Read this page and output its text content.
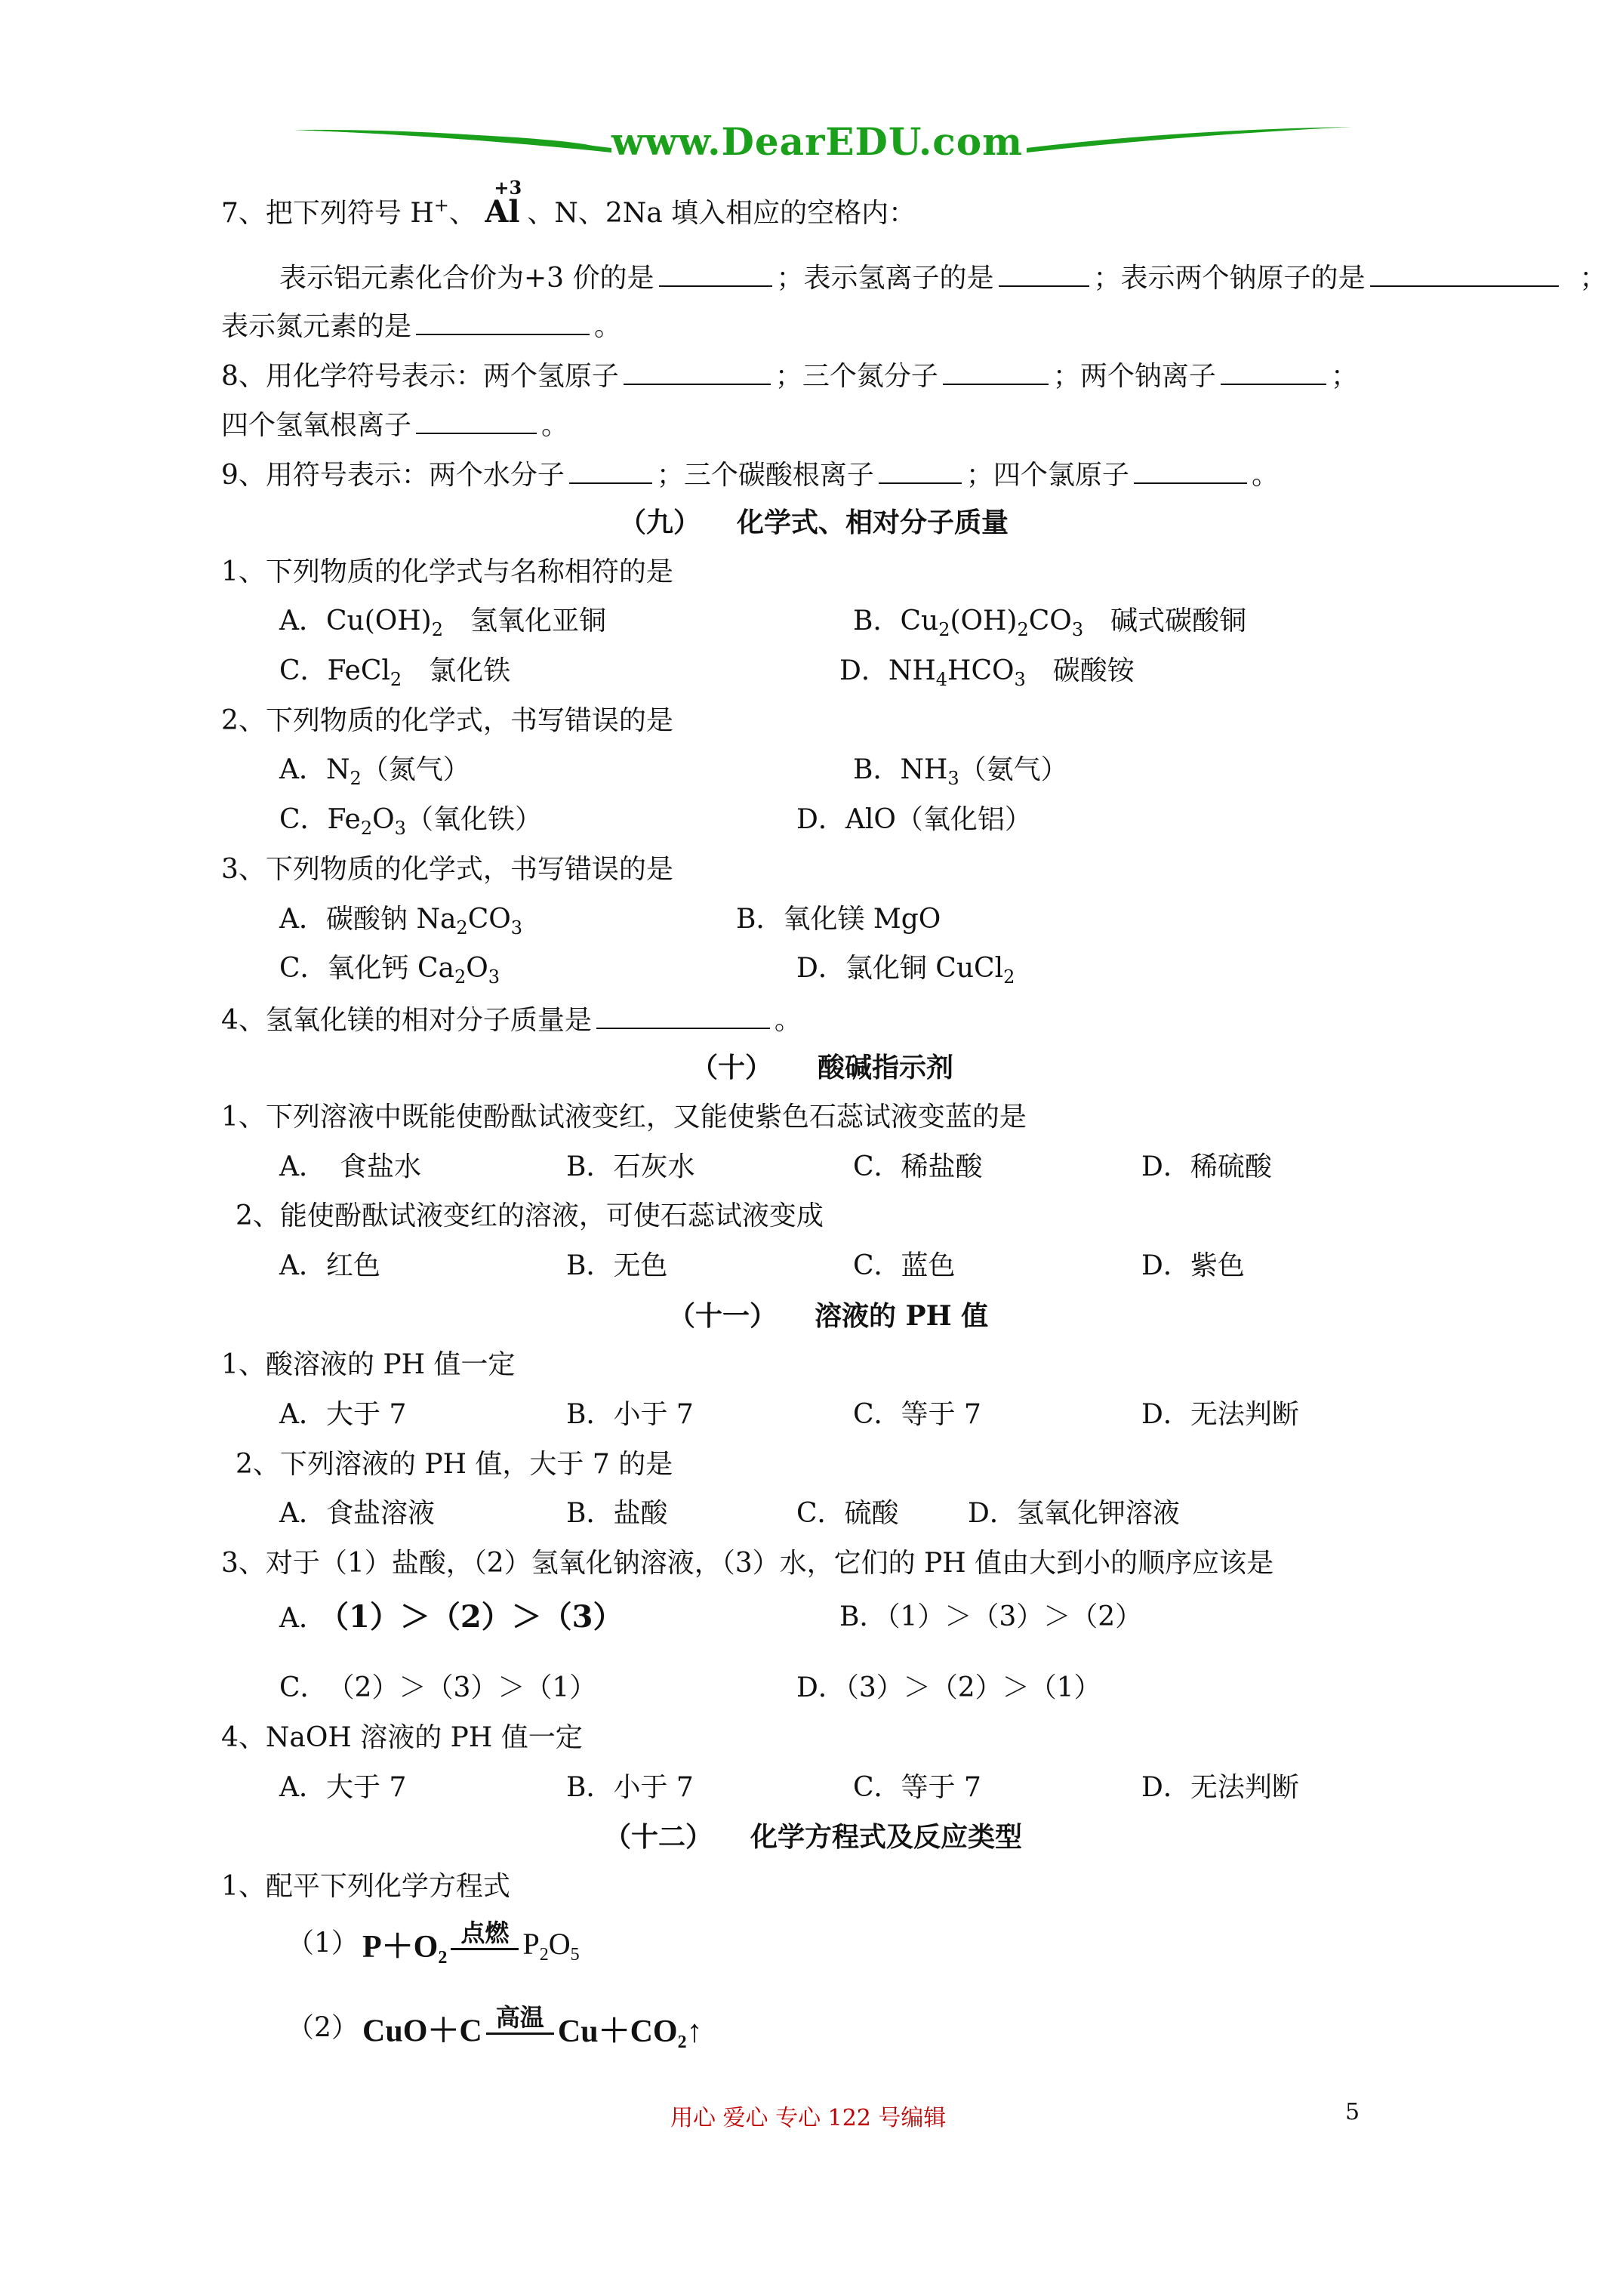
www.DearEDU.com
7、把下列符号 H+、
+3
Al 、N、2Na 填入相应的空格内：
表示铝元素化合价为+3 价的是	；表示氢离子的是	；表示两个钠原子的是	；
表示氮元素的是	。
8、用化学符号表示：两个氢原子	；三个氮分子	；两个钠离子	；
四个氢氧根离子	。
9、用符号表示：两个水分子	；三个碳酸根离子	；四个氯原子	。
（九） 化学式、相对分子质量
1、下列物质的化学式与名称相符的是
A．$Cu(OH)_2$　氢氧化亚铜	B．$Cu_2(OH)_2CO_3$　碱式碳酸铜
C．FeCl$_2$　氯化铁	D．$NH_4HCO_3$　碳酸铵
2、下列物质的化学式，书写错误的是
A．$N_2$（氮气）	B．$NH_3$（氨气）
C．$Fe_2O_3$（氧化铁）	D．AlO（氧化铝）
3、下列物质的化学式，书写错误的是
A．碳酸钠 $Na_2CO_3$	B．氧化镁 MgO
C．氧化钙 $Ca_2O_3$	D．氯化铜 CuCl$_2$
4、氢氧化镁的相对分子质量是	。
（十） 酸碱指示剂
1、下列溶液中既能使酚酞试液变红，又能使紫色石蕊试液变蓝的是
A．　食盐水	B．石灰水	C．稀盐酸	D．稀硫酸
2、能使酚酞试液变红的溶液，可使石蕊试液变成
A．红色	B．无色	C．蓝色	D．紫色
（十一） 溶液的 PH 值
1、酸溶液的 PH 值一定
A．大于 7	B．小于 7	C．等于 7	D．无法判断
2、下列溶液的 PH 值，大于 7 的是
A．食盐溶液	B．盐酸	C．硫酸	D．氢氧化钾溶液
3、对于（1）盐酸，（2）氢氧化钠溶液，（3）水，它们的 PH 值由大到小的顺序应该是
A． （1）＞（2）＞（3）	B．（1）＞（3）＞（2）
C．　（2）＞（3）＞（1）	D．（3）＞（2）＞（1）
4、NaOH 溶液的 PH 值一定
A．大于 7	B．小于 7	C．等于 7	D．无法判断
（十二） 化学方程式及反应类型
1、配平下列化学方程式
（1） $P+O_2$
点燃 $P_2O_5$
（2） CuO＋C 高温 $Cu+CO_2↑$
用心 爱心 专心 122 号编辑	5
